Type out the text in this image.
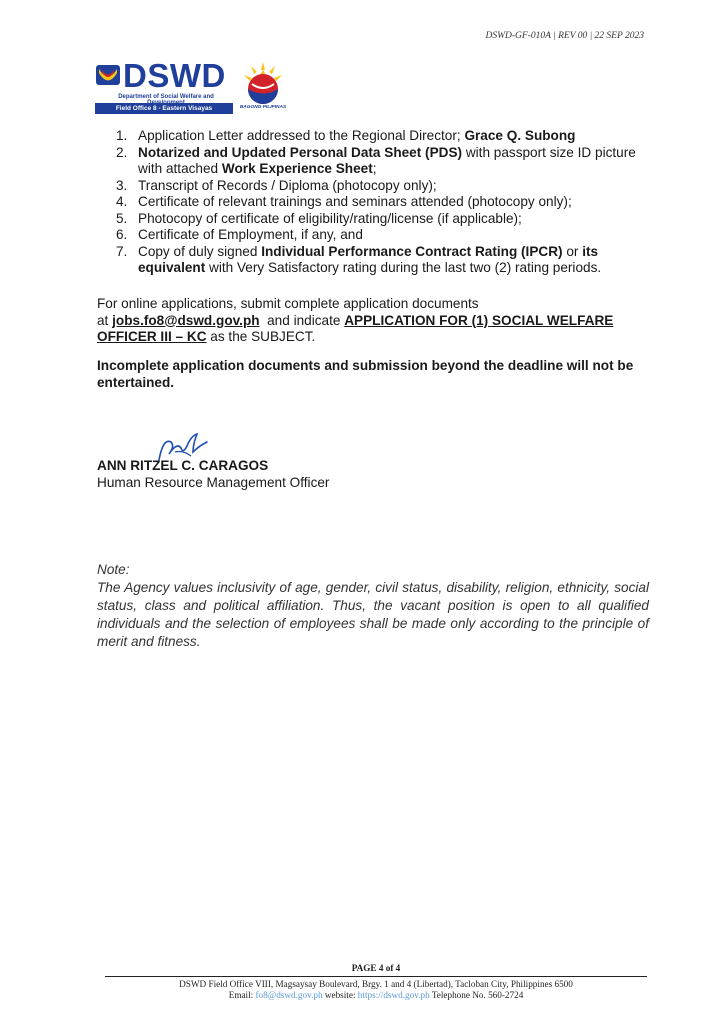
DSWD-GF-010A | REV 00 | 22 SEP 2023
DSWD
Department of Social Welfare and
Field Office 8 - Eastern Visayas	BAGONG PILIPINAS
1. Application Letter addressed to the Regional Director; Grace Q. Subong
2. Notarized and Updated Personal Data Sheet (PDS) with passport size ID picture with attached Work Experience Sheet;
3. Transcript of Records / Diploma (photocopy only);
4. Certificate of relevant trainings and seminars attended (photocopy only);
5. Photocopy of certificate of eligibility/rating/license (if applicable);
6. Certificate of Employment, if any, and
7. Copy of duly signed Individual Performance Contract Rating (IPCR) or its equivalent with Very Satisfactory rating during the last two (2) rating periods.
For online applications, submit complete application documents
at jobs.fo8@dswd.gov.ph  and indicate APPLICATION FOR (1) SOCIAL WELFARE OFFICER III – KC as the SUBJECT.
Incomplete application documents and submission beyond the deadline will not be entertained.
ANN RITZEL C. CARAGOS
Human Resource Management Officer
Note:
The Agency values inclusivity of age, gender, civil status, disability, religion, ethnicity, social status, class and political affiliation. Thus, the vacant position is open to all qualified individuals and the selection of employees shall be made only according to the principle of merit and fitness.
PAGE 4 of 4
DSWD Field Office VIII, Magsaysay Boulevard, Brgy. 1 and 4 (Libertad), Tacloban City, Philippines 6500
Email: fo8@dswd.gov.ph website: https://dswd.gov.ph Telephone No. 560-2724
